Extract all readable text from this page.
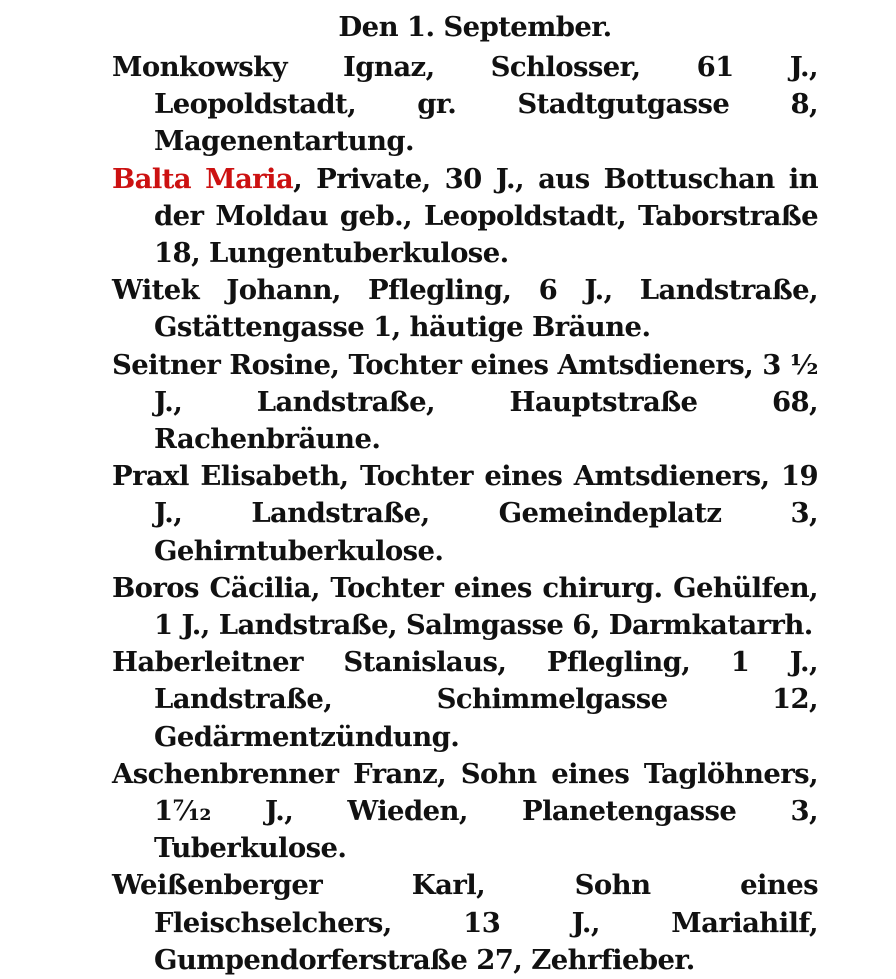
Den 1. September.

Monkowsky Ignaz, Schlosser, 61 J., Leopoldstadt, gr. Stadtgutgasse 8, Magenentartung.

Balta Maria, Private, 30 J., aus Bottuschan in der Moldau geb., Leopoldstadt, Taborstraße 18, Lungentuberkulose.

Witek Johann, Pflegling, 6 J., Landstraße, Gstättengasse 1, häutige Bräune.

Seitner Rosine, Tochter eines Amtsdieners, 3 ½ J., Landstraße, Hauptstraße 68, Rachenbräune.

Praxl Elisabeth, Tochter eines Amtsdieners, 19 J., Landstraße, Gemeindeplatz 3, Gehirntuberkulose.

Boros Cäcilia, Tochter eines chirurg. Gehülfen, 1 J., Landstraße, Salmgasse 6, Darmkatarrh.

Haberleitner Stanislaus, Pflegling, 1 J., Landstraße, Schimmelgasse 12, Gedärmentzündung.

Aschenbrenner Franz, Sohn eines Taglöhners, 1⁷⁄₁₂ J., Wieden, Planetengasse 3, Tuberkulose.

Weißenberger Karl, Sohn eines Fleischselchers, 13 J., Mariahilf, Gumpendorferstraße 27, Zehrfieber.
